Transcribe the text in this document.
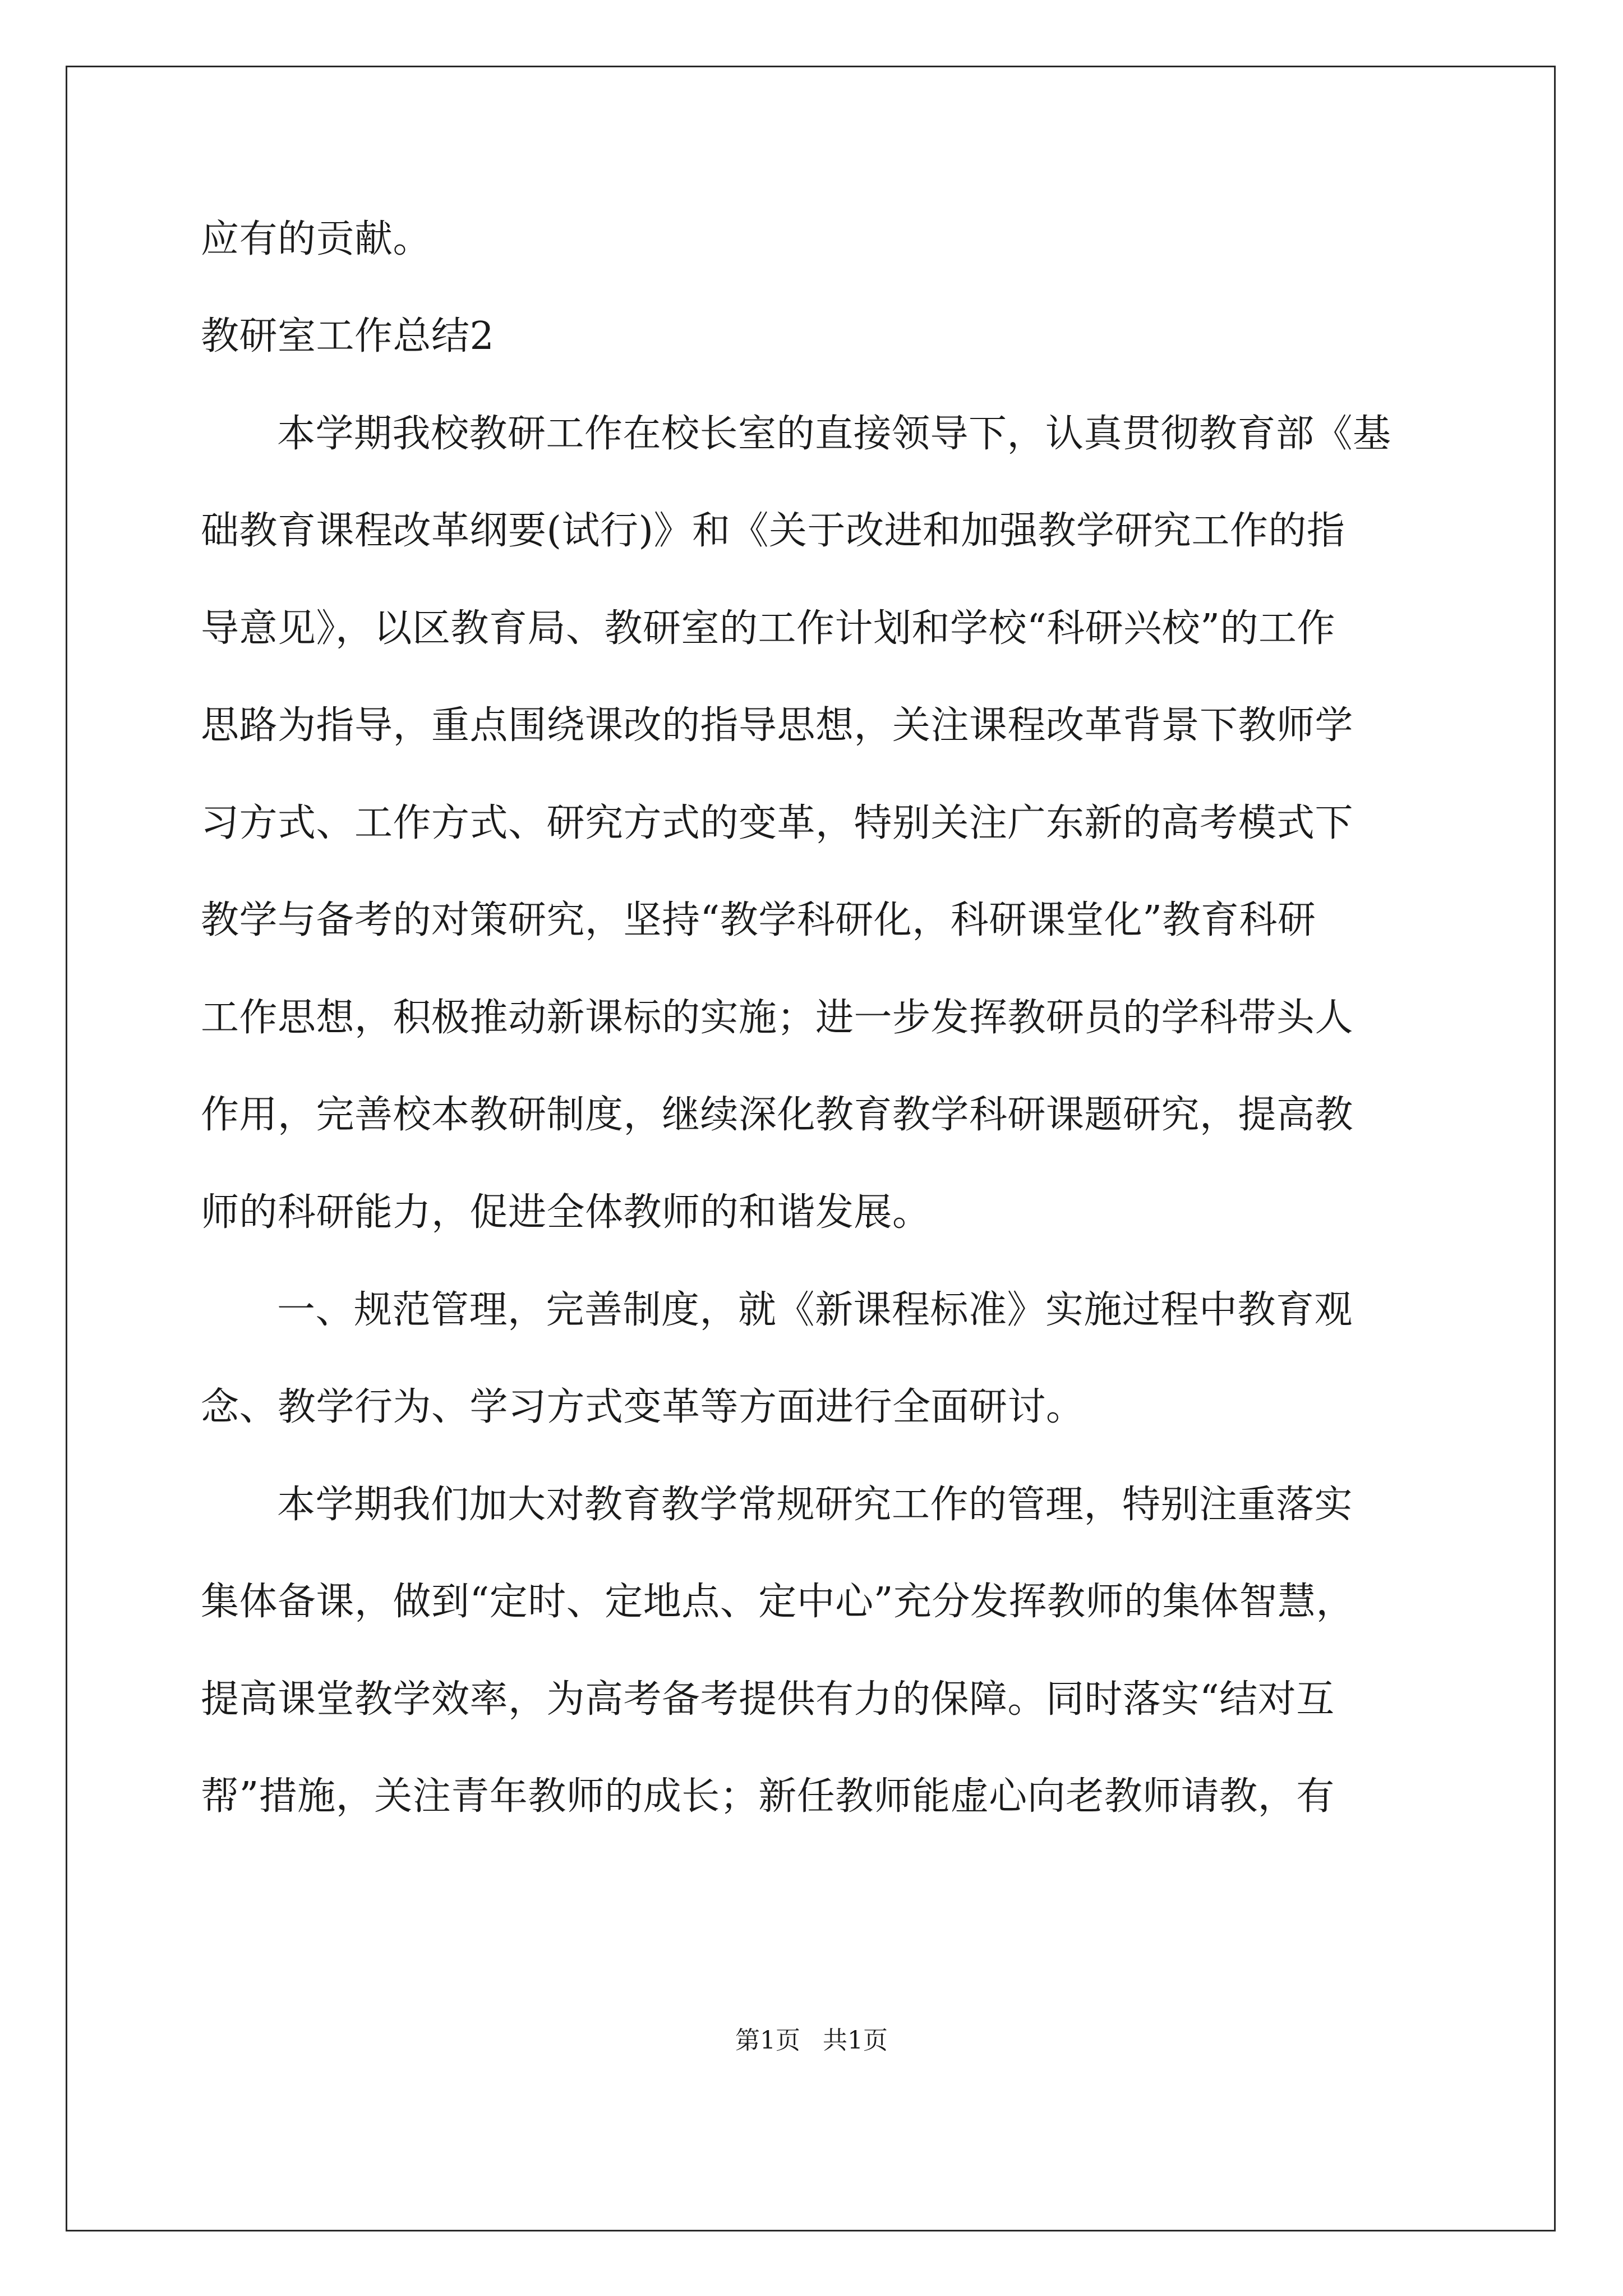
应有的贡献。
教研室工作总结2
本学期我校教研工作在校长室的直接领导下，认真贯彻教育部《基
础教育课程改革纲要(试行)》和《关于改进和加强教学研究工作的指
导意见》，以区教育局、教研室的工作计划和学校“科研兴校”的工作
思路为指导，重点围绕课改的指导思想，关注课程改革背景下教师学
习方式、工作方式、研究方式的变革，特别关注广东新的高考模式下
教学与备考的对策研究，坚持“教学科研化，科研课堂化”教育科研
工作思想，积极推动新课标的实施；进一步发挥教研员的学科带头人
作用，完善校本教研制度，继续深化教育教学科研课题研究，提高教
师的科研能力，促进全体教师的和谐发展。
一、规范管理，完善制度，就《新课程标准》实施过程中教育观
念、教学行为、学习方式变革等方面进行全面研讨。
本学期我们加大对教育教学常规研究工作的管理，特别注重落实
集体备课，做到“定时、定地点、定中心”充分发挥教师的集体智慧，
提高课堂教学效率，为高考备考提供有力的保障。同时落实“结对互
帮”措施，关注青年教师的成长；新任教师能虚心向老教师请教，有
第1页 共1页
